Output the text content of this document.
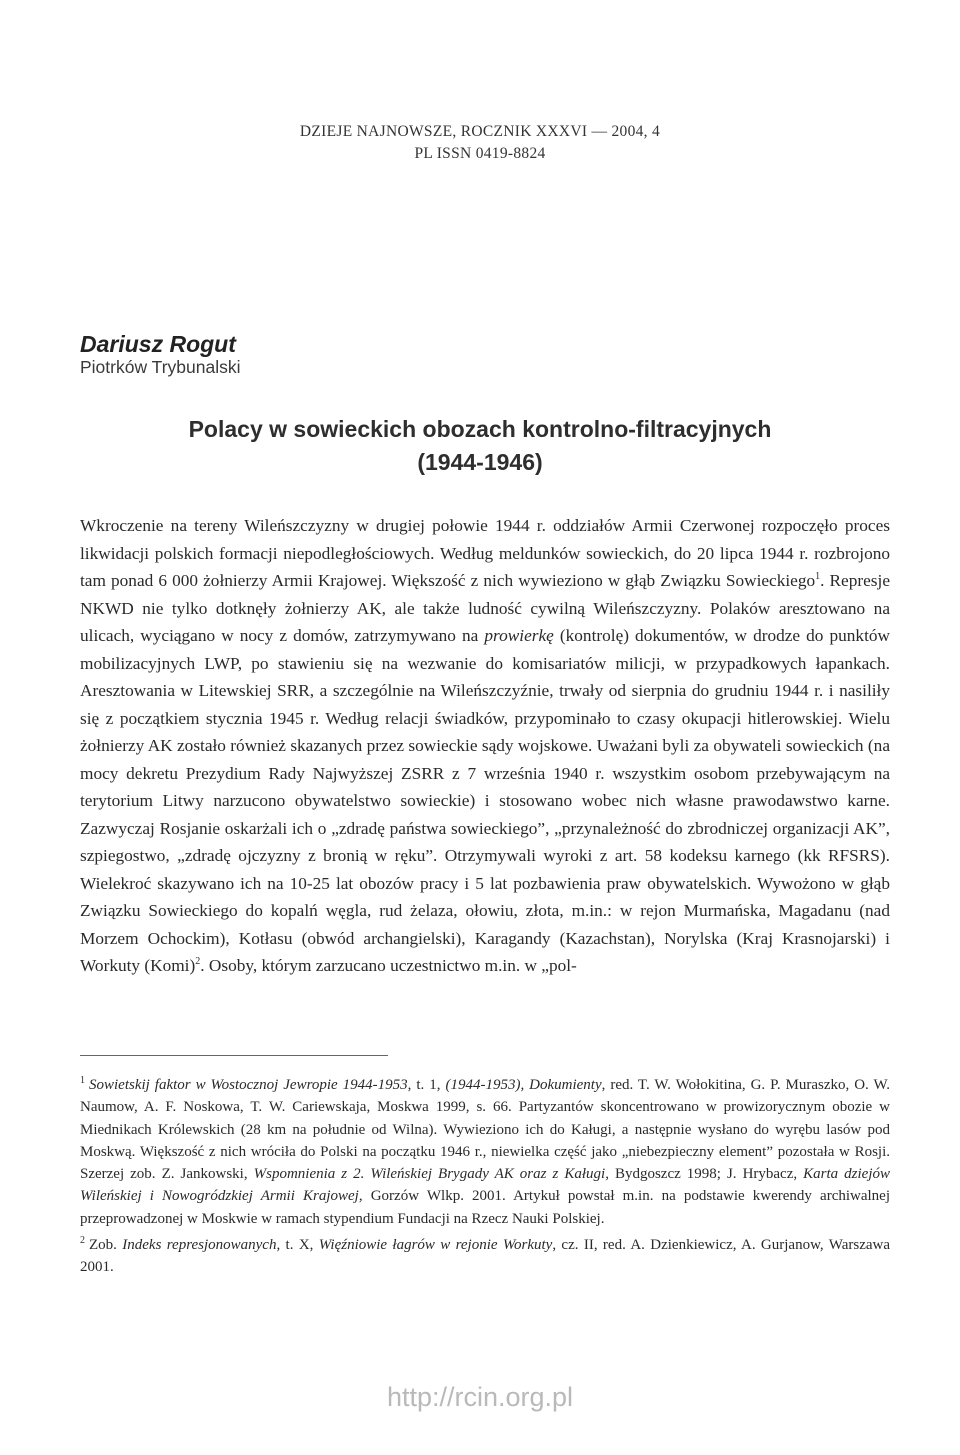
DZIEJE NAJNOWSZE, ROCZNIK XXXVI — 2004, 4
PL ISSN 0419-8824
Dariusz Rogut
Piotrków Trybunalski
Polacy w sowieckich obozach kontrolno-filtracyjnych
(1944-1946)

Wkroczenie na tereny Wileńszczyzny w drugiej połowie 1944 r. oddziałów Armii Czerwonej rozpoczęło proces likwidacji polskich formacji niepodległościowych. Według meldunków sowieckich, do 20 lipca 1944 r. rozbrojono tam ponad 6 000 żołnierzy Armii Krajowej. Większość z nich wywieziono w głąb Związku Sowieckiego$^1$. Represje NKWD nie tylko dotknęły żołnierzy AK, ale także ludność cywilną Wileńszczyzny. Polaków aresztowano na ulicach, wyciągano w nocy z domów, zatrzymywano na prowierkę (kontrolę) dokumentów, w drodze do punktów mobilizacyjnych LWP, po stawieniu się na wezwanie do komisariatów milicji, w przypadkowych łapankach. Aresztowania w Litewskiej SRR, a szczególnie na Wileńszczyźnie, trwały od sierpnia do grudniu 1944 r. i nasiliły się z początkiem stycznia 1945 r. Według relacji świadków, przypominało to czasy okupacji hitlerowskiej. Wielu żołnierzy AK zostało również skazanych przez sowieckie sądy wojskowe. Uważani byli za obywateli sowieckich (na mocy dekretu Prezydium Rady Najwyższej ZSRR z 7 września 1940 r. wszystkim osobom przebywającym na terytorium Litwy narzucono obywatelstwo sowieckie) i stosowano wobec nich własne prawodawstwo karne. Zazwyczaj Rosjanie oskarżali ich o „zdradę państwa sowieckiego”, „przynależność do zbrodniczej organizacji AK”, szpiegostwo, „zdradę ojczyzny z bronią w ręku”. Otrzymywali wyroki z art. 58 kodeksu karnego (kk RFSRS). Wielekroć skazywano ich na 10-25 lat obozów pracy i 5 lat pozbawienia praw obywatelskich. Wywożono w głąb Związku Sowieckiego do kopalń węgla, rud żelaza, ołowiu, złota, m.in.: w rejon Murmańska, Magadanu (nad Morzem Ochockim), Kotłasu (obwód archangielski), Karagandy (Kazachstan), Norylska (Kraj Krasnojarski) i Workuty (Komi)$^2$. Osoby, którym zarzucano uczestnictwo m.in. w „pol-

$^1$ Sowietskij faktor w Wostocznoj Jewropie 1944-1953, t. 1, (1944-1953), Dokumienty, red. T. W. Wołokitina, G. P. Muraszko, O. W. Naumow, A. F. Noskowa, T. W. Cariewskaja, Moskwa 1999, s. 66. Partyzantów skoncentrowano w prowizorycznym obozie w Miednikach Królewskich (28 km na południe od Wilna). Wywieziono ich do Kaługi, a następnie wysłano do wyrębu lasów pod Moskwą. Większość z nich wróciła do Polski na początku 1946 r., niewielka część jako „niebezpieczny element” pozostała w Rosji. Szerzej zob. Z. Jankowski, Wspomnienia z 2. Wileńskiej Brygady AK oraz z Kaługi, Bydgoszcz 1998; J. Hrybacz, Karta dziejów Wileńskiej i Nowogródzkiej Armii Krajowej, Gorzów Wlkp. 2001. Artykuł powstał m.in. na podstawie kwerendy archiwalnej przeprowadzonej w Moskwie w ramach stypendium Fundacji na Rzecz Nauki Polskiej.

$^2$ Zob. Indeks represjonowanych, t. X, Więźniowie łagrów w rejonie Workuty, cz. II, red. A. Dzienkiewicz, A. Gurjanow, Warszawa 2001.

http://rcin.org.pl
